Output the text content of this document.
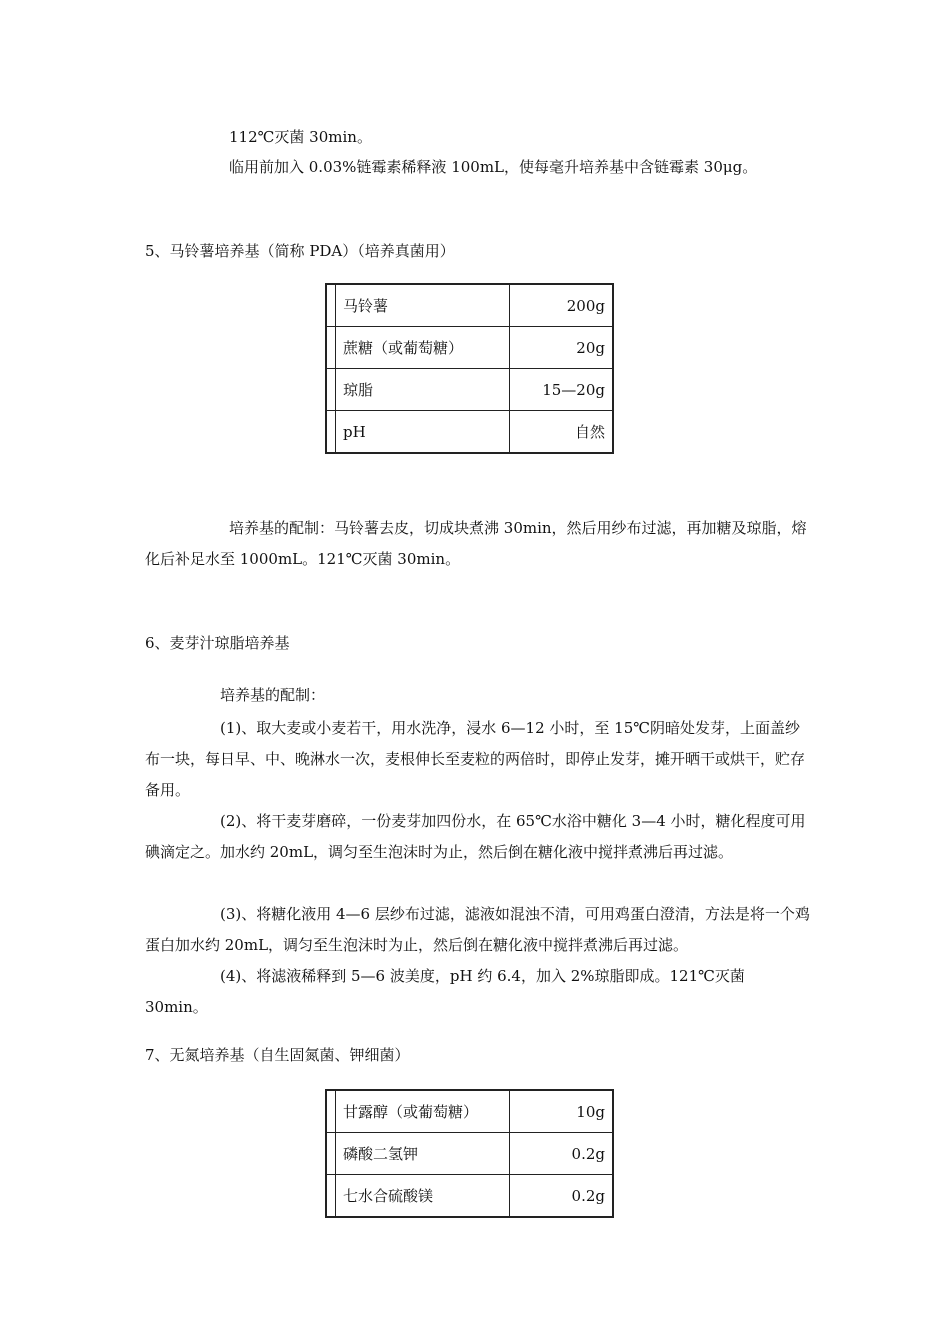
112℃灭菌 30min。
临用前加入 0.03%链霉素稀释液 100mL，使每毫升培养基中含链霉素 30μg。
5、马铃薯培养基（简称 PDA）（培养真菌用）
	马铃薯	200g
	蔗糖（或葡萄糖）	20g
	琼脂	15—20g
	pH	自然

培养基的配制：马铃薯去皮，切成块煮沸 30min，然后用纱布过滤，再加糖及琼脂，熔化后补足水至 1000mL。121℃灭菌 30min。

6、麦芽汁琼脂培养基
培养基的配制：

(1)、取大麦或小麦若干，用水洗净，浸水 6—12 小时，至 15℃阴暗处发芽，上面盖纱布一块，每日早、中、晚淋水一次，麦根伸长至麦粒的两倍时，即停止发芽，摊开晒干或烘干，贮存备用。

(2)、将干麦芽磨碎，一份麦芽加四份水，在 65℃水浴中糖化 3—4 小时，糖化程度可用碘滴定之。加水约 20mL，调匀至生泡沫时为止，然后倒在糖化液中搅拌煮沸后再过滤。

(3)、将糖化液用 4—6 层纱布过滤，滤液如混浊不清，可用鸡蛋白澄清，方法是将一个鸡蛋白加水约 20mL，调匀至生泡沫时为止，然后倒在糖化液中搅拌煮沸后再过滤。

(4)、将滤液稀释到 5—6 波美度，pH 约 6.4，加入 2%琼脂即成。121℃灭菌 30min。

7、无氮培养基（自生固氮菌、钾细菌）
	甘露醇（或葡萄糖）	10g
	磷酸二氢钾	0.2g
	七水合硫酸镁	0.2g
